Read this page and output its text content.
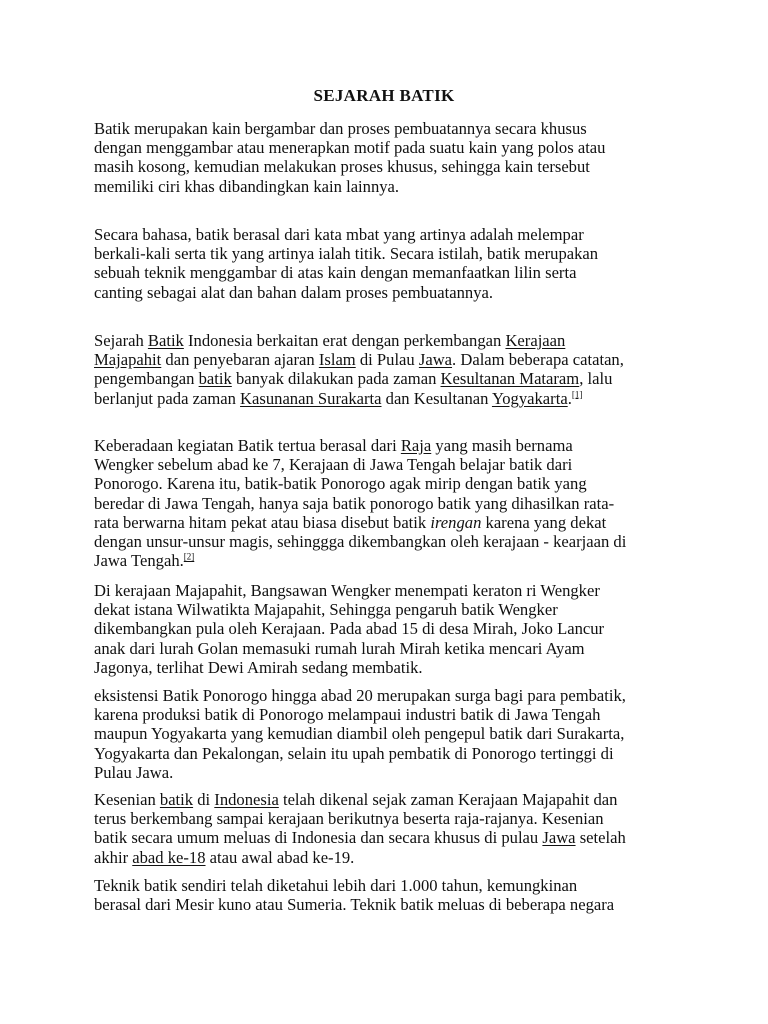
SEJARAH BATIK
Batik merupakan kain bergambar dan proses pembuatannya secara khusus
dengan menggambar atau menerapkan motif pada suatu kain yang polos atau
masih kosong, kemudian melakukan proses khusus, sehingga kain tersebut
memiliki ciri khas dibandingkan kain lainnya.
Secara bahasa, batik berasal dari kata mbat yang artinya adalah melempar
berkali-kali serta tik yang artinya ialah titik. Secara istilah, batik merupakan
sebuah teknik menggambar di atas kain dengan memanfaatkan lilin serta
canting sebagai alat dan bahan dalam proses pembuatannya.
Sejarah Batik Indonesia berkaitan erat dengan perkembangan Kerajaan
Majapahit dan penyebaran ajaran Islam di Pulau Jawa. Dalam beberapa catatan,
pengembangan batik banyak dilakukan pada zaman Kesultanan Mataram, lalu
berlanjut pada zaman Kasunanan Surakarta dan Kesultanan Yogyakarta.[1]
Keberadaan kegiatan Batik tertua berasal dari Raja yang masih bernama
Wengker sebelum abad ke 7, Kerajaan di Jawa Tengah belajar batik dari
Ponorogo. Karena itu, batik-batik Ponorogo agak mirip dengan batik yang
beredar di Jawa Tengah, hanya saja batik ponorogo batik yang dihasilkan rata-
rata berwarna hitam pekat atau biasa disebut batik irengan karena yang dekat
dengan unsur-unsur magis, sehinggga dikembangkan oleh kerajaan - kearjaan di
Jawa Tengah.[2]
Di kerajaan Majapahit, Bangsawan Wengker menempati keraton ri Wengker
dekat istana Wilwatikta Majapahit, Sehingga pengaruh batik Wengker
dikembangkan pula oleh Kerajaan. Pada abad 15 di desa Mirah, Joko Lancur
anak dari lurah Golan memasuki rumah lurah Mirah ketika mencari Ayam
Jagonya, terlihat Dewi Amirah sedang membatik.
eksistensi Batik Ponorogo hingga abad 20 merupakan surga bagi para pembatik,
karena produksi batik di Ponorogo melampaui industri batik di Jawa Tengah
maupun Yogyakarta yang kemudian diambil oleh pengepul batik dari Surakarta,
Yogyakarta dan Pekalongan, selain itu upah pembatik di Ponorogo tertinggi di
Pulau Jawa.
Kesenian batik di Indonesia telah dikenal sejak zaman Kerajaan Majapahit dan
terus berkembang sampai kerajaan berikutnya beserta raja-rajanya. Kesenian
batik secara umum meluas di Indonesia dan secara khusus di pulau Jawa setelah
akhir abad ke-18 atau awal abad ke-19.
Teknik batik sendiri telah diketahui lebih dari 1.000 tahun, kemungkinan
berasal dari Mesir kuno atau Sumeria. Teknik batik meluas di beberapa negara
